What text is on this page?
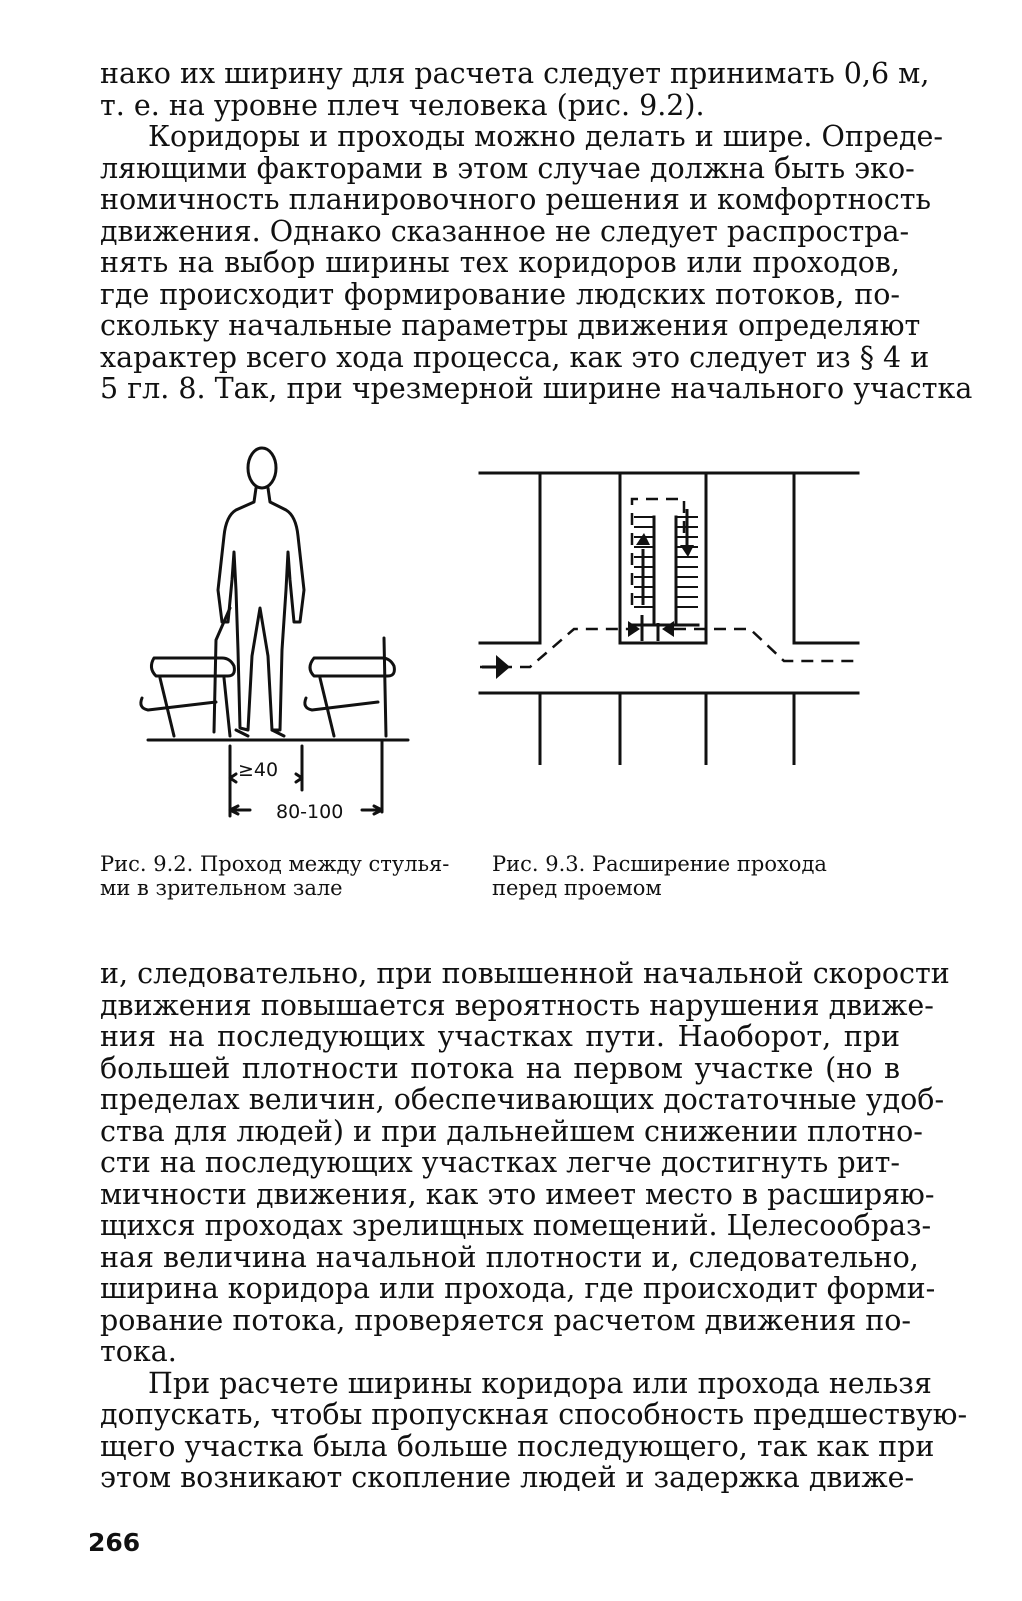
нако их ширину для расчета следует принимать 0,6 м,
т. е. на уровне плеч человека (рис. 9.2).
Коридоры и проходы можно делать и шире. Опреде-
ляющими факторами в этом случае должна быть эко-
номичность планировочного решения и комфортность
движения. Однако сказанное не следует распростра-
нять на выбор ширины тех коридоров или проходов,
где происходит формирование людских потоков, по-
скольку начальные параметры движения определяют
характер всего хода процесса, как это следует из § 4 и
5 гл. 8. Так, при чрезмерной ширине начального участка
≥40
80-100
Рис. 9.2. Проход между стулья-
ми в зрительном зале
Рис. 9.3. Расширение прохода
перед проемом
и, следовательно, при повышенной начальной скорости
движения повышается вероятность нарушения движе-
ния на последующих участках пути. Наоборот, при
большей плотности потока на первом участке (но в
пределах величин, обеспечивающих достаточные удоб-
ства для людей) и при дальнейшем снижении плотно-
сти на последующих участках легче достигнуть рит-
мичности движения, как это имеет место в расширяю-
щихся проходах зрелищных помещений. Целесообраз-
ная величина начальной плотности и, следовательно,
ширина коридора или прохода, где происходит форми-
рование потока, проверяется расчетом движения по-
тока.
При расчете ширины коридора или прохода нельзя
допускать, чтобы пропускная способность предшествую-
щего участка была больше последующего, так как при
этом возникают скопление людей и задержка движе-
266
